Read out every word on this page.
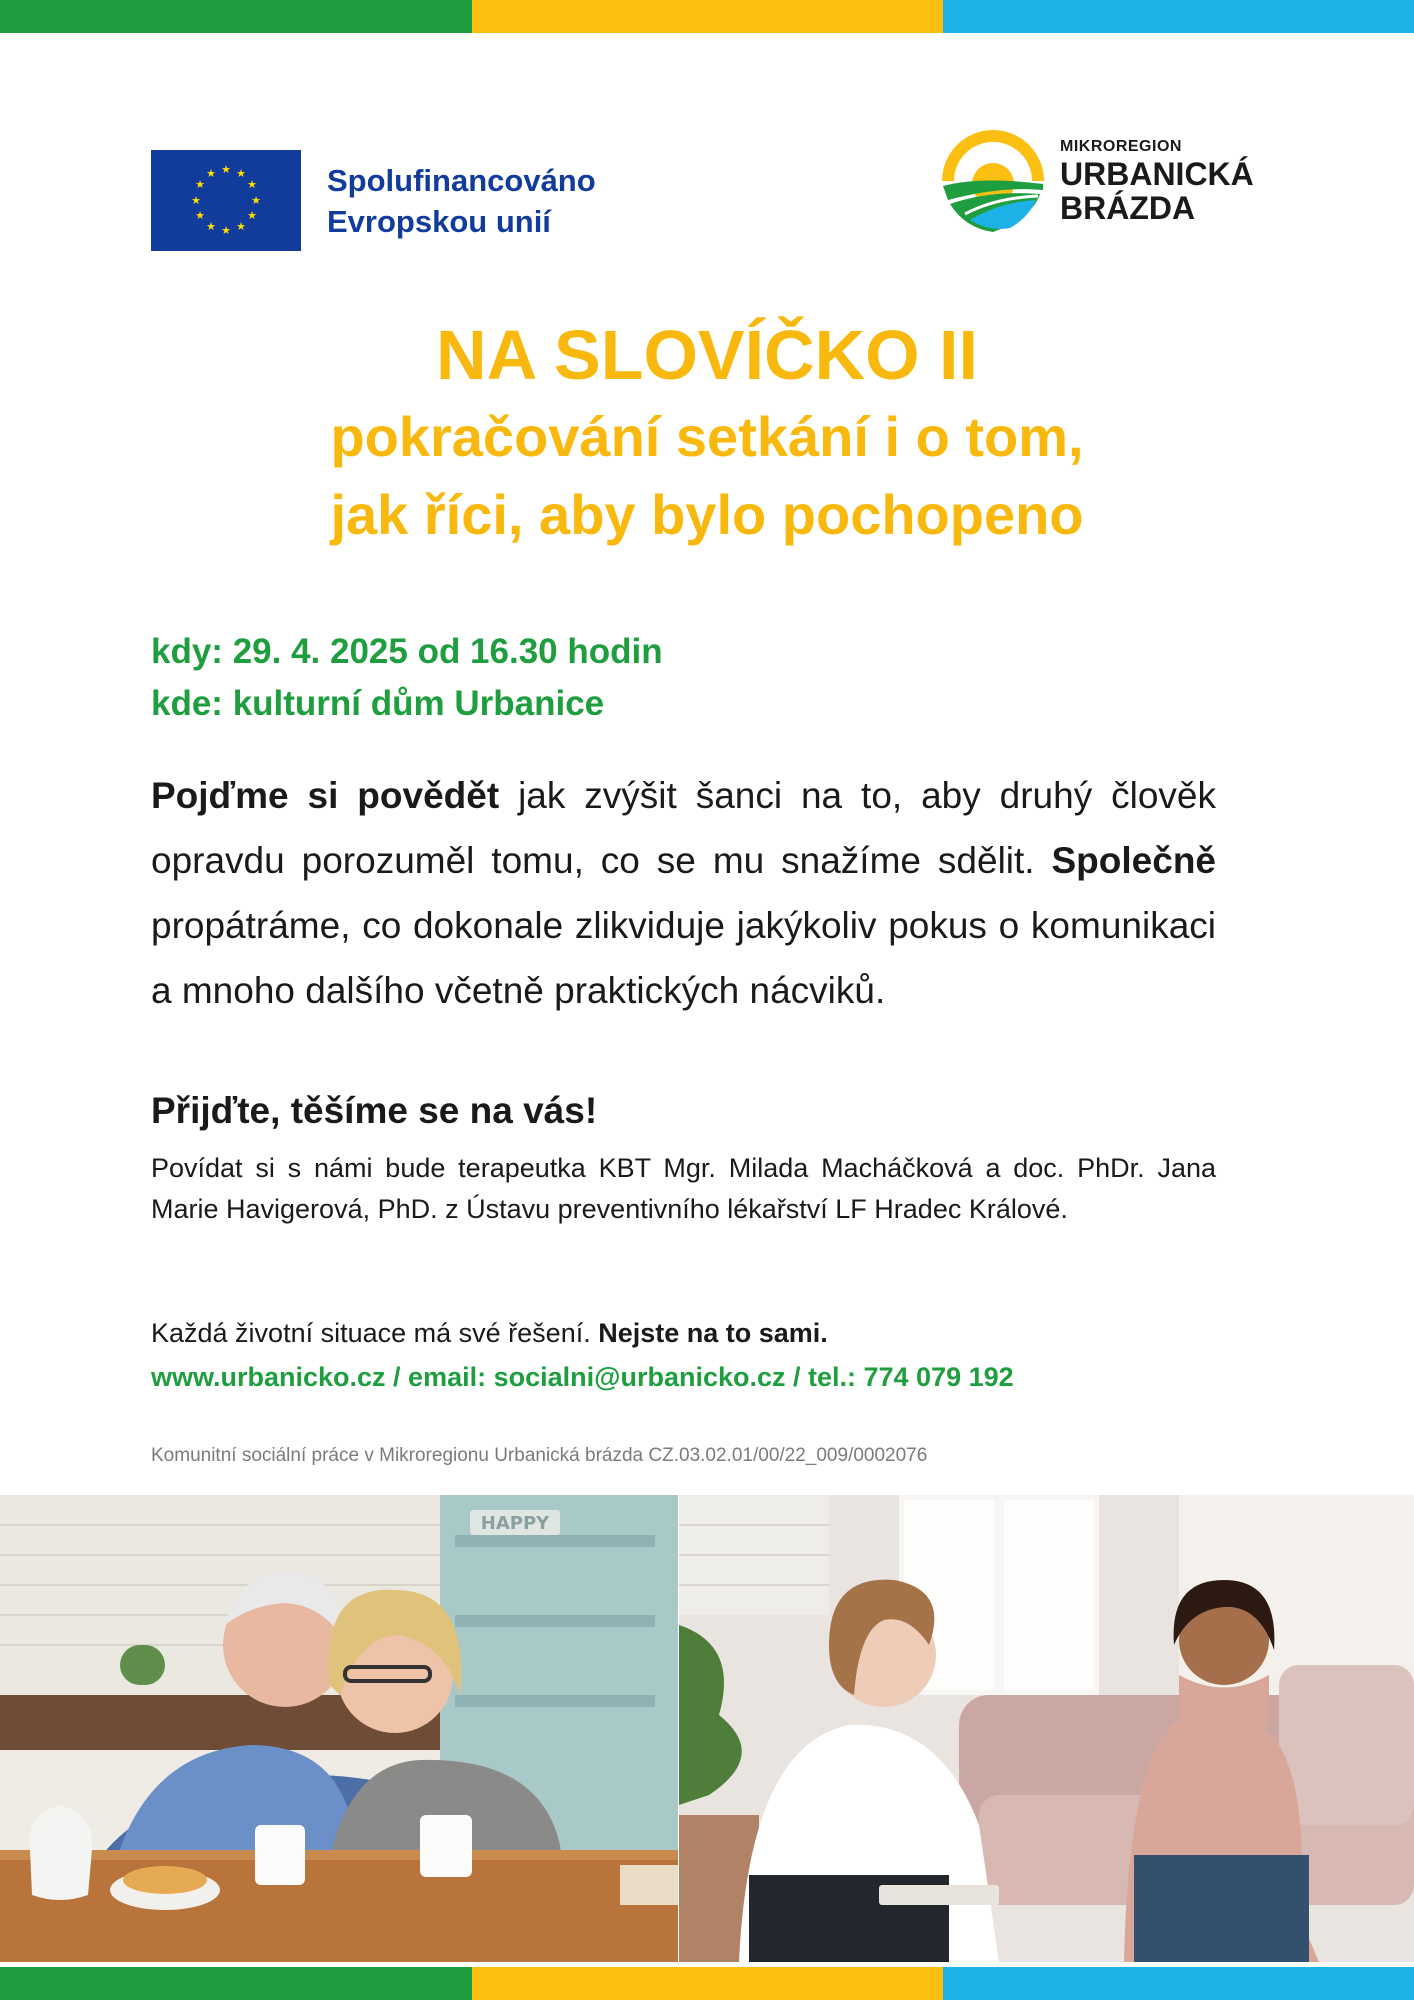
★ ★
★
★
★
★
★
★
★
★
★
★	Spolufinancováno
Evropskou unií
MIKROREGION
URBANICKÁ
BRÁZDA
NA SLOVÍČKO II
pokračování setkání i o tom,
jak říci, aby bylo pochopeno
kdy: 29. 4. 2025 od 16.30 hodin
kde: kulturní dům Urbanice
Pojďme si povědět jak zvýšit šanci na to, aby druhý člověk opravdu porozuměl tomu, co se mu snažíme sdělit. Společně propátráme, co dokonale zlikviduje jakýkoliv pokus o komunikaci a mnoho dalšího včetně praktických nácviků.
Přijďte, těšíme se na vás!
Povídat si s námi bude terapeutka KBT Mgr. Milada Macháčková a doc. PhDr. Jana Marie Havigerová, PhD. z Ústavu preventivního lékařství LF Hradec Králové.
Každá životní situace má své řešení. Nejste na to sami.
www.urbanicko.cz / email: socialni@urbanicko.cz / tel.: 774 079 192
Komunitní sociální práce v Mikroregionu Urbanická brázda CZ.03.02.01/00/22_009/0002076
HAPPY
